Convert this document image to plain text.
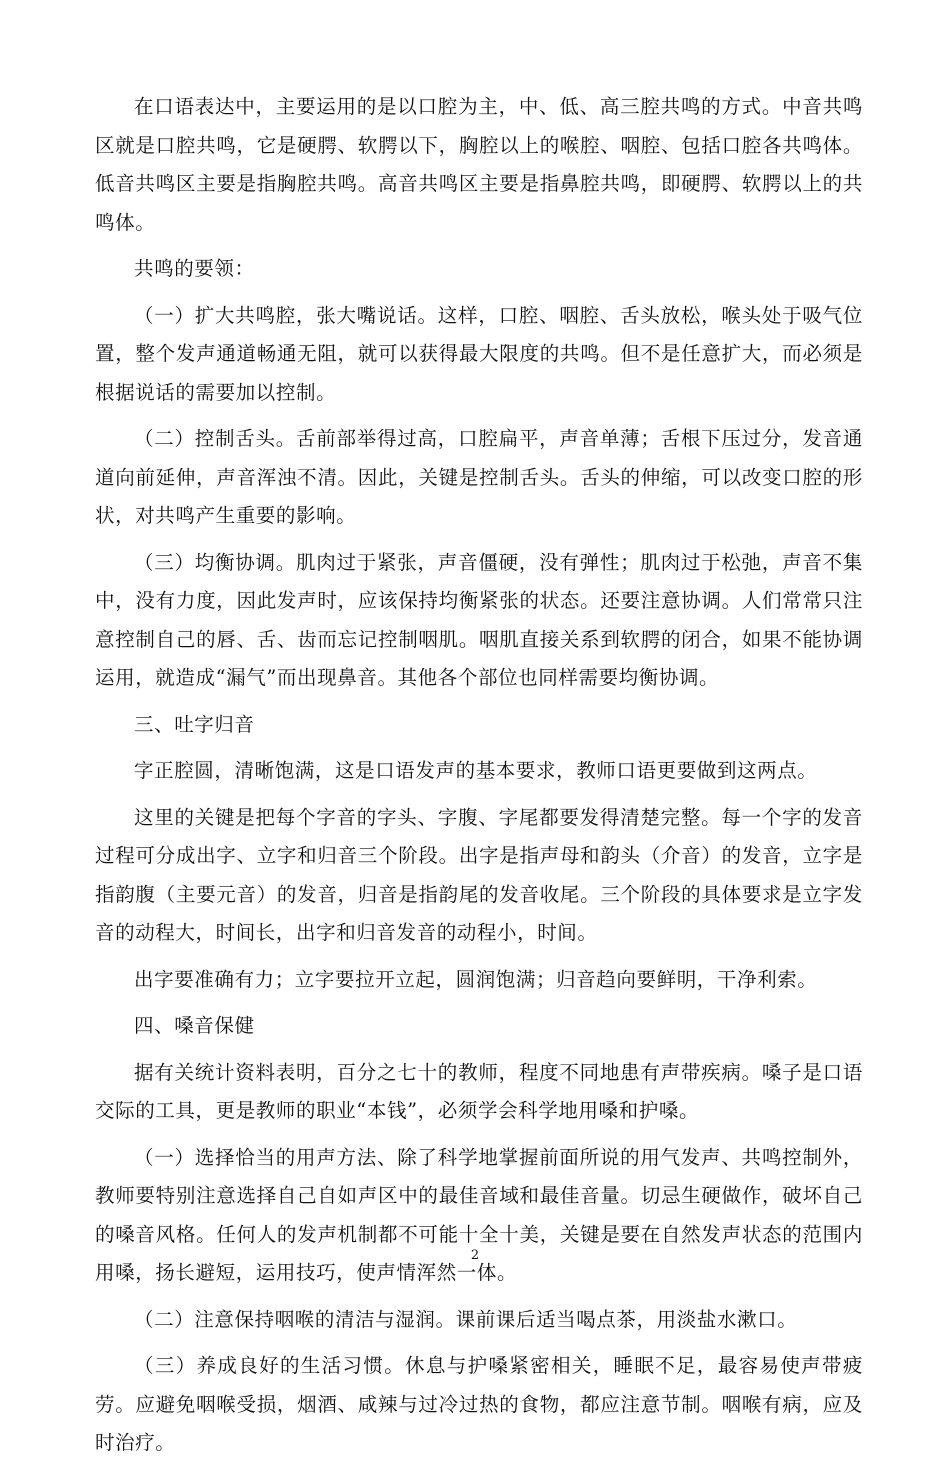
在口语表达中，主要运用的是以口腔为主，中、低、高三腔共鸣的方式。中音共鸣区就是口腔共鸣，它是硬腭、软腭以下，胸腔以上的喉腔、咽腔、包括口腔各共鸣体。低音共鸣区主要是指胸腔共鸣。高音共鸣区主要是指鼻腔共鸣，即硬腭、软腭以上的共鸣体。

共鸣的要领：

（一）扩大共鸣腔，张大嘴说话。这样，口腔、咽腔、舌头放松，喉头处于吸气位置，整个发声通道畅通无阻，就可以获得最大限度的共鸣。但不是任意扩大，而必须是根据说话的需要加以控制。

（二）控制舌头。舌前部举得过高，口腔扁平，声音单薄；舌根下压过分，发音通道向前延伸，声音浑浊不清。因此，关键是控制舌头。舌头的伸缩，可以改变口腔的形状，对共鸣产生重要的影响。

（三）均衡协调。肌肉过于紧张，声音僵硬，没有弹性；肌肉过于松弛，声音不集中，没有力度，因此发声时，应该保持均衡紧张的状态。还要注意协调。人们常常只注意控制自己的唇、舌、齿而忘记控制咽肌。咽肌直接关系到软腭的闭合，如果不能协调运用，就造成“漏气”而出现鼻音。其他各个部位也同样需要均衡协调。

三、吐字归音

字正腔圆，清晰饱满，这是口语发声的基本要求，教师口语更要做到这两点。

这里的关键是把每个字音的字头、字腹、字尾都要发得清楚完整。每一个字的发音过程可分成出字、立字和归音三个阶段。出字是指声母和韵头（介音）的发音，立字是指韵腹（主要元音）的发音，归音是指韵尾的发音收尾。三个阶段的具体要求是立字发音的动程大，时间长，出字和归音发音的动程小，时间。

出字要准确有力；立字要拉开立起，圆润饱满；归音趋向要鲜明，干净利索。

四、嗓音保健

据有关统计资料表明，百分之七十的教师，程度不同地患有声带疾病。嗓子是口语交际的工具，更是教师的职业“本钱”，必须学会科学地用嗓和护嗓。

（一）选择恰当的用声方法、除了科学地掌握前面所说的用气发声、共鸣控制外，教师要特别注意选择自己自如声区中的最佳音域和最佳音量。切忌生硬做作，破坏自己的嗓音风格。任何人的发声机制都不可能十全十美，关键是要在自然发声状态的范围内用嗓，扬长避短，运用技巧，使声情浑然一体。

（二）注意保持咽喉的清洁与湿润。课前课后适当喝点茶，用淡盐水漱口。

（三）养成良好的生活习惯。休息与护嗓紧密相关，睡眠不足，最容易使声带疲劳。应避免咽喉受损，烟酒、咸辣与过冷过热的食物，都应注意节制。咽喉有病，应及时治疗。

2
